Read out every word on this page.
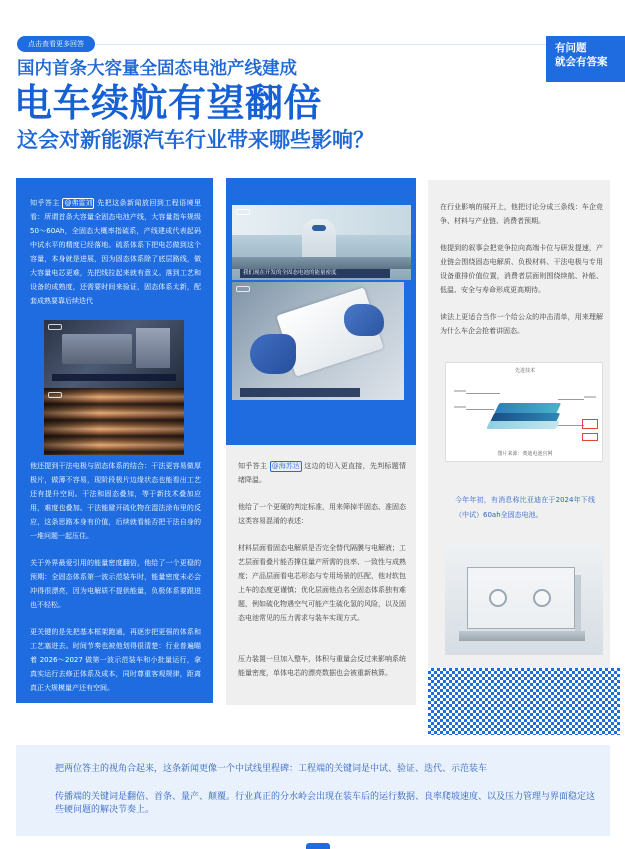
点击查看更多回答
国内首条大容量全固态电池产线建成
电车续航有望翻倍
这会对新能源汽车行业带来哪些影响？
有问题
就会有答案

知乎答主 @弗雷刘 先把这条新闻放回到工程语境里看：所谓首条大容量全固态电池产线，大容量指车规级50～60Ah，全固态大概率指硫系，产线建成代表起码中试水平的精度已经落地。硫系体系下把电芯做到这个容量，本身就是进展，因为固态体系除了底层路线，做大容量电芯更难，先把线拉起来就有意义。落到工艺和设备的成熟度，还需要时间来验证，固态体系太新，配套成熟要靠后续迭代

他还提到干法电极与固态体系的结合：干法更容易做厚极片，做薄不容易，现阶段极片边缘状态也能看出工艺还有提升空间。干法和固态叠加，等于新技术叠加应用，难度也叠加。干法能避开硫化物在湿法涂布里的反应，这条思路本身有价值，后续就看能否把干法自身的一堆问题一起压住。

关于外界最爱引用的能量密度翻倍，他给了一个更稳的预期：全固态体系第一波示范装车时，能量密度未必会冲得很漂亮，因为电解质不提供能量，负极体系要跟进也不轻松。

更关键的是先把基本框架跑通，再逐步把更强的体系和工艺塞进去。时间节奏也被他划得很清楚：行业普遍瞄着 2026～2027 做第一波示范装车和小批量运行，拿真实运行去修正体系及成本，同时尊重客观规律，距离真正大规模量产还有空间。

我们现在开发的全固态电池的能量密度

知乎答主 @海苏达 这边的切入更直接，先判标题情绪降温。

他给了一个更硬的判定标准，用来筛掉半固态、准固态这类容易混淆的表述：

材料层面看固态电解质是否完全替代隔膜与电解液；工艺层面看叠片能否撑住量产所需的良率、一致性与成熟度；产品层面看电芯形态与专用场景的匹配，他对软包上车的态度更谨慎；优化层面他点名全固态体系独有难题，例如硫化物遇空气可能产生硫化氢的风险，以及固态电池常见的压力需求与装车实现方式。

压力装置一旦加入整车，体积与重量会反过来影响系统能量密度，单体电芯的漂亮数据也会被重新核算。

在行业影响的展开上，他把讨论分成三条线：车企竞争、材料与产业链、消费者预期。

他提到的叙事会把竞争拉向高端卡位与研发提速，产业链会围绕固态电解质、负极材料、干法电极与专用设备重排价值位置，消费者层面则围绕续航、补能、低温、安全与寿命形成更高期待。

读法上更适合当作一个给公众的冲击清单，用来理解为什么车企会抢着讲固态。

先进技术
图片来源：奥迪电池官网

今年年初，有消息称比亚迪在于2024年下线（中试）60ah全固态电池。

把两位答主的视角合起来，这条新闻更像一个中试线里程碑：工程端的关键词是中试、验证、迭代、示范装车

传播端的关键词是翻倍、首条、量产、颠覆。行业真正的分水岭会出现在装车后的运行数据、良率爬坡速度、以及压力管理与界面稳定这些硬问题的解决节奏上。
